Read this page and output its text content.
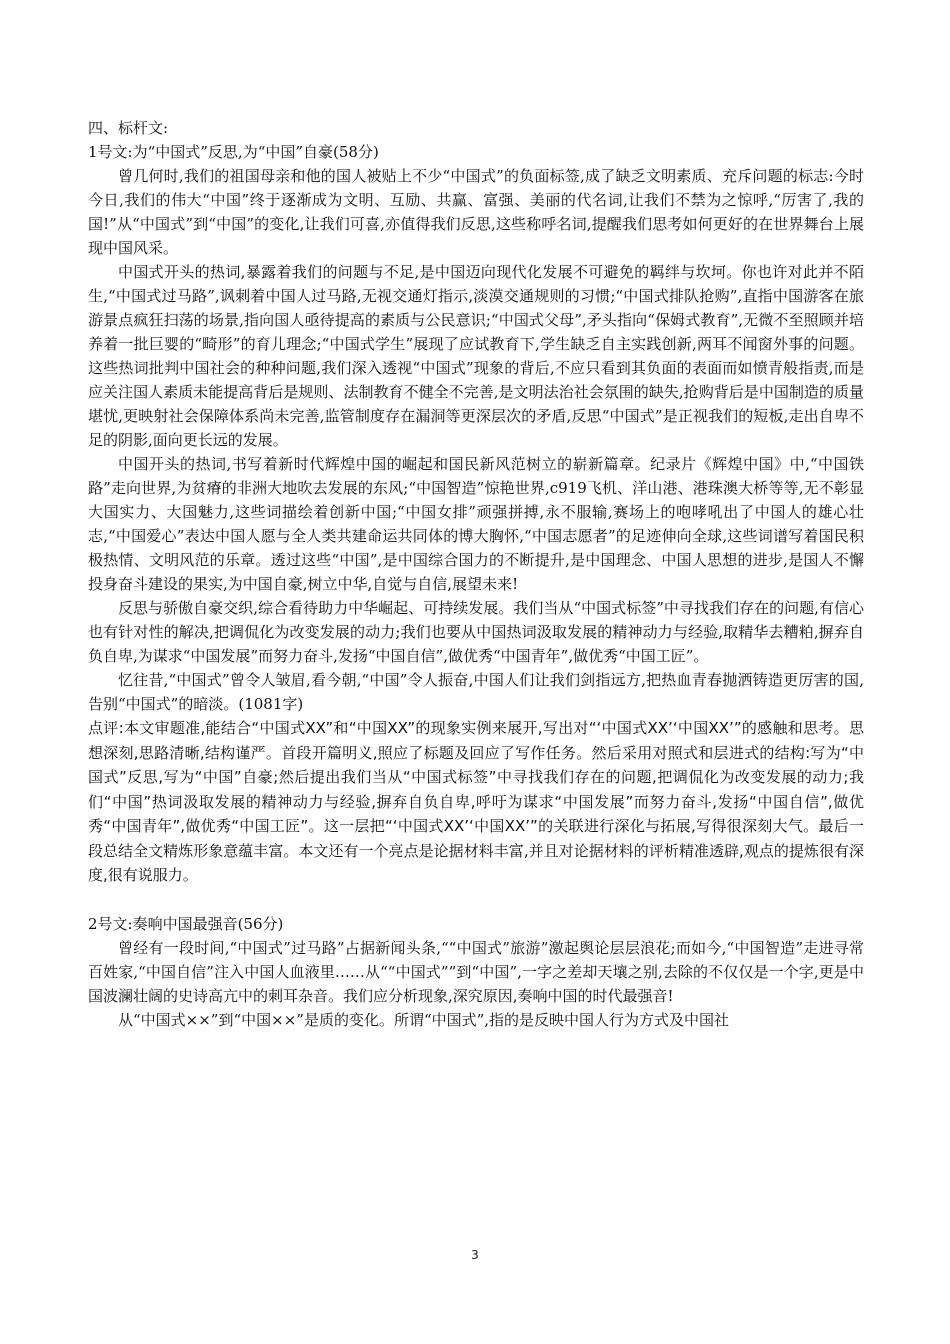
四、标杆文:

1号文:为“中国式”反思,为“中国”自豪(58分)

曾几何时,我们的祖国母亲和他的国人被贴上不少“中国式”的负面标签,成了缺乏文明素质、充斥问题的标志:今时今日,我们的伟大“中国”终于逐渐成为文明、互励、共赢、富强、美丽的代名词,让我们不禁为之惊呼,“厉害了,我的国!”从“中国式”到“中国”的变化,让我们可喜,亦值得我们反思,这些称呼名词,提醒我们思考如何更好的在世界舞台上展现中国风采。

中国式开头的热词,暴露着我们的问题与不足,是中国迈向现代化发展不可避免的羁绊与坎坷。你也许对此并不陌生,“中国式过马路”,讽刺着中国人过马路,无视交通灯指示,淡漠交通规则的习惯;“中国式排队抢购”,直指中国游客在旅游景点疯狂扫荡的场景,指向国人亟待提高的素质与公民意识;“中国式父母”,矛头指向“保姆式教育”,无微不至照顾并培养着一批巨婴的“畸形”的育儿理念;“中国式学生”展现了应试教育下,学生缺乏自主实践创新,两耳不闻窗外事的问题。这些热词批判中国社会的种种问题,我们深入透视“中国式”现象的背后,不应只看到其负面的表面而如愤青般指责,而是应关注国人素质未能提高背后是规则、法制教育不健全不完善,是文明法治社会氛围的缺失,抢购背后是中国制造的质量堪忧,更映射社会保障体系尚未完善,监管制度存在漏洞等更深层次的矛盾,反思“中国式”是正视我们的短板,走出自卑不足的阴影,面向更长远的发展。

中国开头的热词,书写着新时代辉煌中国的崛起和国民新风范树立的崭新篇章。纪录片《辉煌中国》中,“中国铁路”走向世界,为贫瘠的非洲大地吹去发展的东风;“中国智造”惊艳世界,c919飞机、洋山港、港珠澳大桥等等,无不彰显大国实力、大国魅力,这些词描绘着创新中国;“中国女排”顽强拼搏,永不服输,赛场上的咆哮吼出了中国人的雄心壮志,“中国爱心”表达中国人愿与全人类共建命运共同体的博大胸怀,“中国志愿者”的足迹伸向全球,这些词谱写着国民积极热情、文明风范的乐章。透过这些“中国”,是中国综合国力的不断提升,是中国理念、中国人思想的进步,是国人不懈投身奋斗建设的果实,为中国自豪,树立中华,自觉与自信,展望未来!

反思与骄傲自豪交织,综合看待助力中华崛起、可持续发展。我们当从“中国式标签”中寻找我们存在的问题,有信心也有针对性的解决,把调侃化为改变发展的动力;我们也要从中国热词汲取发展的精神动力与经验,取精华去糟粕,摒弃自负自卑,为谋求“中国发展”而努力奋斗,发扬“中国自信”,做优秀“中国青年”,做优秀“中国工匠”。

忆往昔,“中国式”曾令人皱眉,看今朝,“中国”令人振奋,中国人们让我们剑指远方,把热血青春抛洒铸造更厉害的国,告别“中国式”的暗淡。(1081字)

点评:本文审题准,能结合“中国式XX”和“中国XX”的现象实例来展开,写出对“‘中国式XX’‘中国XX’”的感触和思考。思想深刻,思路清晰,结构谨严。首段开篇明义,照应了标题及回应了写作任务。然后采用对照式和层进式的结构:写为“中国式”反思,写为“中国”自豪;然后提出我们当从“中国式标签”中寻找我们存在的问题,把调侃化为改变发展的动力;我们“中国”热词汲取发展的精神动力与经验,摒弃自负自卑,呼吁为谋求“中国发展”而努力奋斗,发扬“中国自信”,做优秀“中国青年”,做优秀“中国工匠”。这一层把“‘中国式XX’‘中国XX’”的关联进行深化与拓展,写得很深刻大气。最后一段总结全文精炼形象意蕴丰富。本文还有一个亮点是论据材料丰富,并且对论据材料的评析精准透辟,观点的提炼很有深度,很有说服力。

2号文:奏响中国最强音(56分)

曾经有一段时间,“中国式”过马路”占据新闻头条,““中国式”旅游”激起舆论层层浪花;而如今,“中国智造”走进寻常百姓家,“中国自信”注入中国人血液里……从““中国式””到“中国”,一字之差却天壤之别,去除的不仅仅是一个字,更是中国波澜壮阔的史诗高亢中的刺耳杂音。我们应分析现象,深究原因,奏响中国的时代最强音!

从“中国式××”到“中国××”是质的变化。所谓“中国式”,指的是反映中国人行为方式及中国社

3
